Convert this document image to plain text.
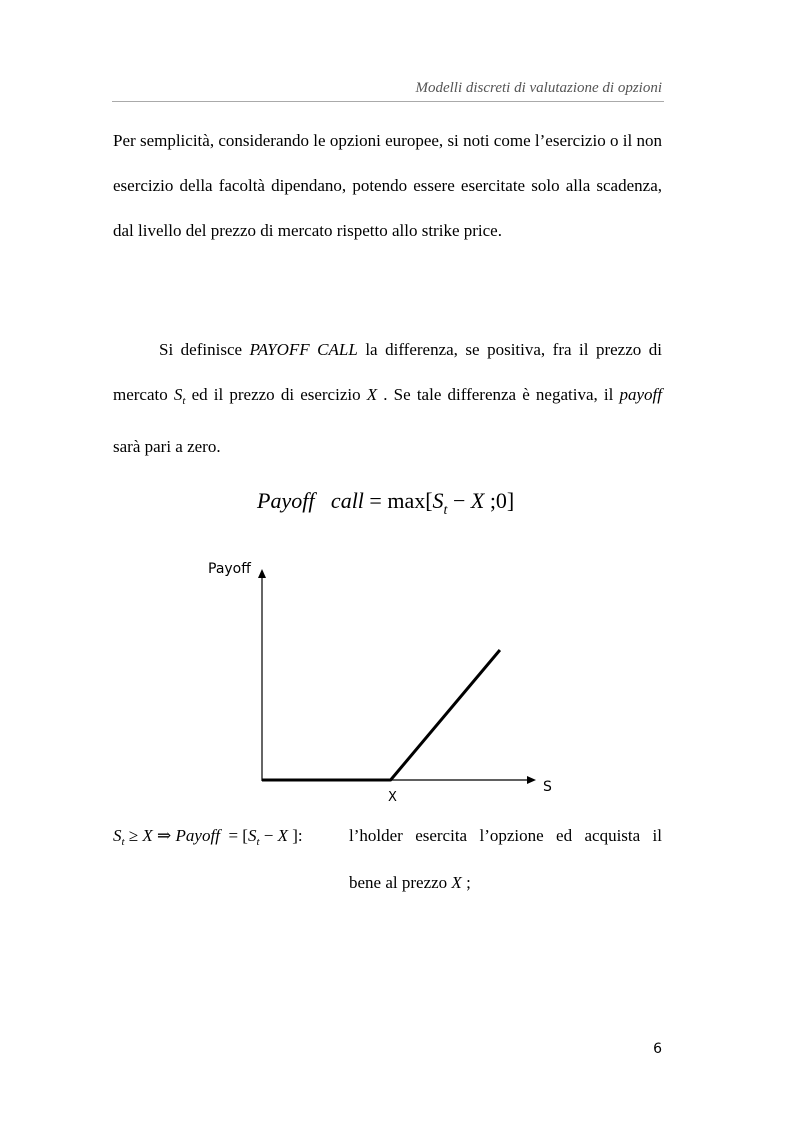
Modelli discreti di valutazione di opzioni

Per semplicità, considerando le opzioni europee, si noti come l’esercizio o il non esercizio della facoltà dipendano, potendo essere esercitate solo alla scadenza, dal livello del prezzo di mercato rispetto allo strike price.

Si definisce PAYOFF CALL la differenza, se positiva, fra il prezzo di mercato $S_t$ ed il prezzo di esercizio X . Se tale differenza è negativa, il payoff sarà pari a zero.

Payoff   call = $\max[S_t - X$ ;0]
Payoff
S
X
$S_t \ge X$ ⇒ Payoff  = [$S_t - X$ ]:	l’holder esercita l’opzione ed acquista il
bene al prezzo X ;
6
